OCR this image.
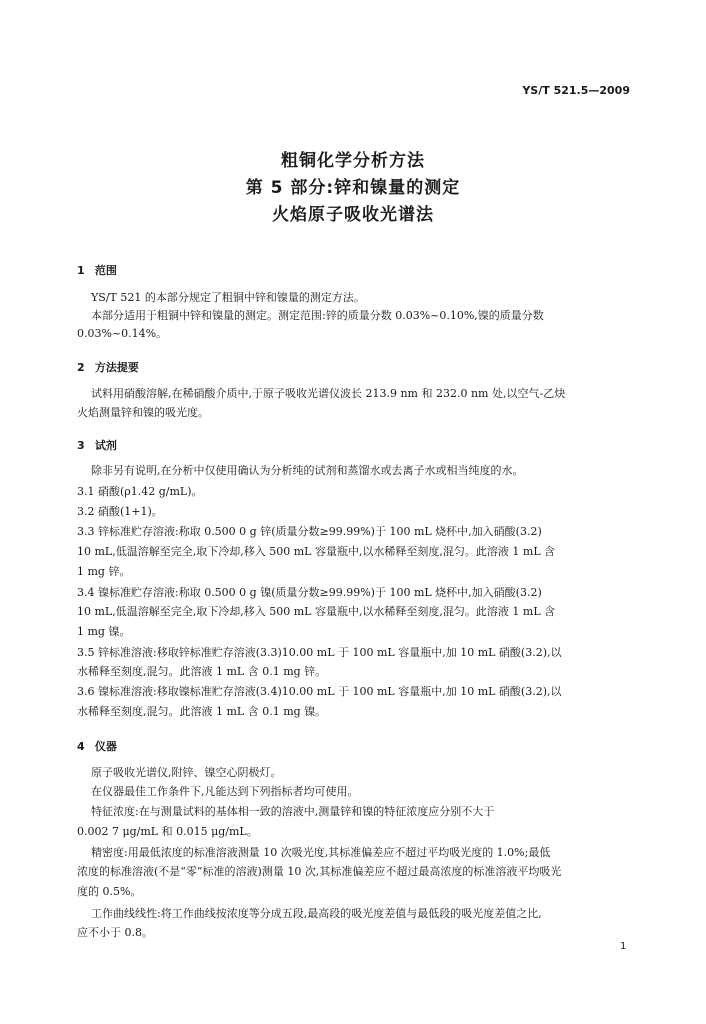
YS/T 521.5—2009
粗铜化学分析方法
第 5 部分:锌和镍量的测定
火焰原子吸收光谱法
1 范围
YS/T 521 的本部分规定了粗铜中锌和镍量的测定方法。
本部分适用于粗铜中锌和镍量的测定。测定范围:锌的质量分数 0.03%~0.10%,镍的质量分数
0.03%~0.14%。
2 方法提要
试料用硝酸溶解,在稀硝酸介质中,于原子吸收光谱仪波长 213.9 nm 和 232.0 nm 处,以空气-乙炔
火焰测量锌和镍的吸光度。
3 试剂
除非另有说明,在分析中仅使用确认为分析纯的试剂和蒸馏水或去离子水或相当纯度的水。
3.1 硝酸(ρ1.42 g/mL)。
3.2 硝酸(1+1)。
3.3 锌标准贮存溶液:称取 0.500 0 g 锌(质量分数≥99.99%)于 100 mL 烧杯中,加入硝酸(3.2)
10 mL,低温溶解至完全,取下冷却,移入 500 mL 容量瓶中,以水稀释至刻度,混匀。此溶液 1 mL 含
1 mg 锌。
3.4 镍标准贮存溶液:称取 0.500 0 g 镍(质量分数≥99.99%)于 100 mL 烧杯中,加入硝酸(3.2)
10 mL,低温溶解至完全,取下冷却,移入 500 mL 容量瓶中,以水稀释至刻度,混匀。此溶液 1 mL 含
1 mg 镍。
3.5 锌标准溶液:移取锌标准贮存溶液(3.3)10.00 mL 于 100 mL 容量瓶中,加 10 mL 硝酸(3.2),以
水稀释至刻度,混匀。此溶液 1 mL 含 0.1 mg 锌。
3.6 镍标准溶液:移取镍标准贮存溶液(3.4)10.00 mL 于 100 mL 容量瓶中,加 10 mL 硝酸(3.2),以
水稀释至刻度,混匀。此溶液 1 mL 含 0.1 mg 镍。
4 仪器
原子吸收光谱仪,附锌、镍空心阴极灯。
在仪器最佳工作条件下,凡能达到下列指标者均可使用。
特征浓度:在与测量试料的基体相一致的溶液中,测量锌和镍的特征浓度应分别不大于
0.002 7 μg/mL 和 0.015 μg/mL。
精密度:用最低浓度的标准溶液测量 10 次吸光度,其标准偏差应不超过平均吸光度的 1.0%;最低
浓度的标准溶液(不是“零”标准的溶液)测量 10 次,其标准偏差应不超过最高浓度的标准溶液平均吸光
度的 0.5%。
工作曲线线性:将工作曲线按浓度等分成五段,最高段的吸光度差值与最低段的吸光度差值之比,
应不小于 0.8。
1
